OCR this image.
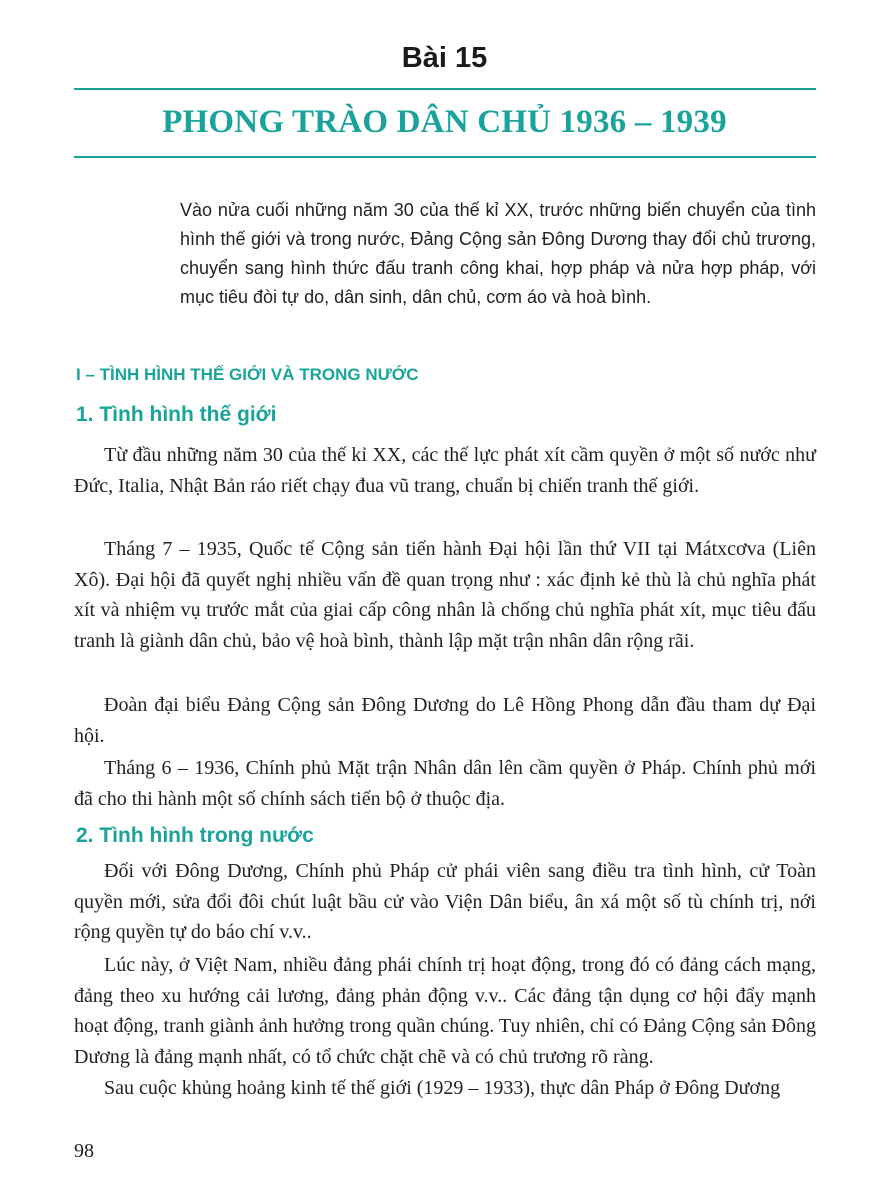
Bài 15
PHONG TRÀO DÂN CHỦ 1936 – 1939

Vào nửa cuối những năm 30 của thế kỉ XX, trước những biến chuyển của tình hình thế giới và trong nước, Đảng Cộng sản Đông Dương thay đổi chủ trương, chuyển sang hình thức đấu tranh công khai, hợp pháp và nửa hợp pháp, với mục tiêu đòi tự do, dân sinh, dân chủ, cơm áo và hoà bình.

I – TÌNH HÌNH THẾ GIỚI VÀ TRONG NƯỚC
1. Tình hình thế giới

Từ đầu những năm 30 của thế kỉ XX, các thế lực phát xít cầm quyền ở một số nước như Đức, Italia, Nhật Bản ráo riết chạy đua vũ trang, chuẩn bị chiến tranh thế giới.

Tháng 7 – 1935, Quốc tế Cộng sản tiến hành Đại hội lần thứ VII tại Mátxcơva (Liên Xô). Đại hội đã quyết nghị nhiều vấn đề quan trọng như : xác định kẻ thù là chủ nghĩa phát xít và nhiệm vụ trước mắt của giai cấp công nhân là chống chủ nghĩa phát xít, mục tiêu đấu tranh là giành dân chủ, bảo vệ hoà bình, thành lập mặt trận nhân dân rộng rãi.

Đoàn đại biểu Đảng Cộng sản Đông Dương do Lê Hồng Phong dẫn đầu tham dự Đại hội.

Tháng 6 – 1936, Chính phủ Mặt trận Nhân dân lên cầm quyền ở Pháp. Chính phủ mới đã cho thi hành một số chính sách tiến bộ ở thuộc địa.

2. Tình hình trong nước

Đối với Đông Dương, Chính phủ Pháp cử phái viên sang điều tra tình hình, cử Toàn quyền mới, sửa đổi đôi chút luật bầu cử vào Viện Dân biểu, ân xá một số tù chính trị, nới rộng quyền tự do báo chí v.v..

Lúc này, ở Việt Nam, nhiều đảng phái chính trị hoạt động, trong đó có đảng cách mạng, đảng theo xu hướng cải lương, đảng phản động v.v.. Các đảng tận dụng cơ hội đẩy mạnh hoạt động, tranh giành ảnh hưởng trong quần chúng. Tuy nhiên, chỉ có Đảng Cộng sản Đông Dương là đảng mạnh nhất, có tổ chức chặt chẽ và có chủ trương rõ ràng.

Sau cuộc khủng hoảng kinh tế thế giới (1929 – 1933), thực dân Pháp ở Đông Dương

98
